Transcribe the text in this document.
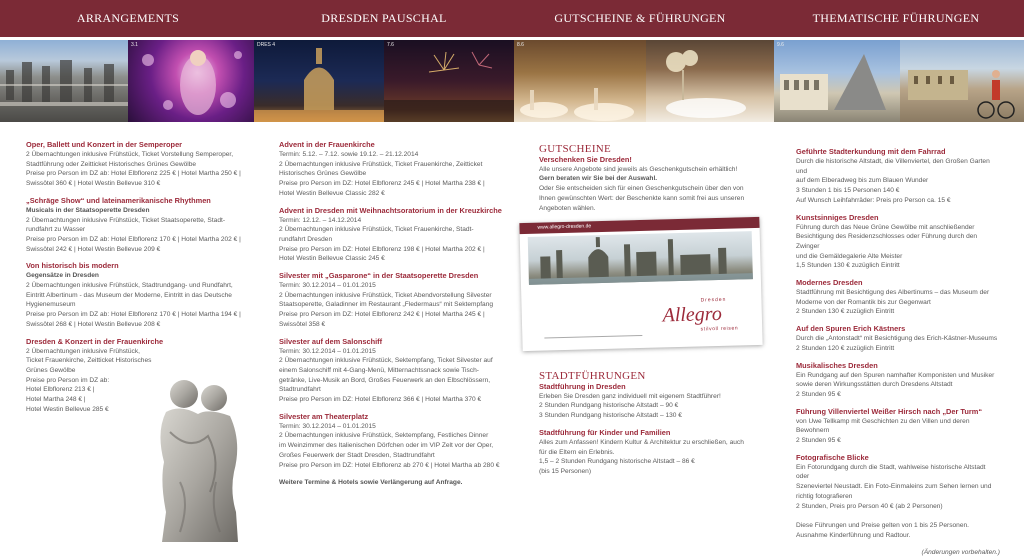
ARRANGEMENTS	DRESDEN PAUSCHAL	GUTSCHEINE & FÜHRUNGEN	THEMATISCHE FÜHRUNGEN
3.1	DRES 4	7.6	8.6	9.6

Oper, Ballett und Konzert in der Semperoper

2 Übernachtungen inklusive Frühstück, Ticket Vorstellung Semperoper,

Stadtführung oder Zeitticket Historisches Grünes Gewölbe

Preise pro Person im DZ ab: Hotel Elbflorenz 225 € | Hotel Martha 250 € |

Swissôtel 360 € | Hotel Westin Bellevue 310 €

„Schräge Show“ und lateinamerikanische Rhythmen

Musicals in der Staatsoperette Dresden

2 Übernachtungen inklusive Frühstück, Ticket Staatsoperette, Stadt-

rundfahrt zu Wasser

Preise pro Person im DZ ab: Hotel Elbflorenz 170 € | Hotel Martha 202 € |

Swissôtel 242 € | Hotel Westin Bellevue 209 €

Von historisch bis modern

Gegensätze in Dresden

2 Übernachtungen inklusive Frühstück, Stadtrundgang- und Rundfahrt,

Eintritt Albertinum - das Museum der Moderne, Eintritt in das Deutsche

Hygienemuseum

Preise pro Person im DZ ab: Hotel Elbflorenz 170 € | Hotel Martha 194 € |

Swissôtel 268 € | Hotel Westin Bellevue 208 €

Dresden & Konzert in der Frauenkirche

2 Übernachtungen inklusive Frühstück,

Ticket Frauenkirche, Zeitticket Historisches

Grünes Gewölbe

Preise pro Person im DZ ab:

Hotel Elbflorenz 213 € |

Hotel Martha 248 € |

Hotel Westin Bellevue 285 €

Advent in der Frauenkirche

Termin: 5.12. – 7.12. sowie 19.12. – 21.12.2014

2 Übernachtungen inklusive Frühstück, Ticket Frauenkirche, Zeitticket

Historisches Grünes Gewölbe

Preise pro Person im DZ: Hotel Elbflorenz 245 € | Hotel Martha 238 € |

Hotel Westin Bellevue Classic 282 €

Advent in Dresden mit Weihnachtsoratorium in der Kreuzkirche

Termin: 12.12. – 14.12.2014

2 Übernachtungen inklusive Frühstück, Ticket Frauenkirche, Stadt-

rundfahrt Dresden

Preise pro Person im DZ: Hotel Elbflorenz 198 € | Hotel Martha 202 € |

Hotel Westin Bellevue Classic 245 €

Silvester mit „Gasparone“ in der Staatsoperette Dresden

Termin: 30.12.2014 – 01.01.2015

2 Übernachtungen inklusive Frühstück, Ticket Abendvorstellung Silvester

Staatsoperette, Galadinner im Restaurant „Fledermaus“ mit Sektempfang

Preise pro Person im DZ: Hotel Elbflorenz 242 € | Hotel Martha 245 € |

Swissôtel 358 €

Silvester auf dem Salonschiff

Termin: 30.12.2014 – 01.01.2015

2 Übernachtungen inklusive Frühstück, Sektempfang, Ticket Silvester auf

einem Salonschiff mit 4-Gang-Menü, Mitternachtssnack sowie Tisch-

getränke, Live-Musik an Bord, Großes Feuerwerk an den Elbschlössern,

Stadtrundfahrt

Preise pro Person im DZ: Hotel Elbflorenz 366 € | Hotel Martha 370 €

Silvester am Theaterplatz

Termin: 30.12.2014 – 01.01.2015

2 Übernachtungen inklusive Frühstück, Sektempfang, Festliches Dinner

im Weinzimmer des Italienischen Dörfchen oder im VIP Zelt vor der Oper,

Großes Feuerwerk der Stadt Dresden, Stadtrundfahrt

Preise pro Person im DZ: Hotel Elbflorenz ab 270 € | Hotel Martha ab 280 €

Weitere Termine & Hotels sowie Verlängerung auf Anfrage.

GUTSCHEINE

Verschenken Sie Dresden!

Alle unsere Angebote sind jeweils als Geschenkgutschein erhältlich!

Gern beraten wir Sie bei der Auswahl.

Oder Sie entscheiden sich für einen Geschenkgutschein über den von

Ihnen gewünschten Wert: der Beschenkte kann somit frei aus unseren

Angeboten wählen.

www.allegro-dresden.de
Dresden
Allegro
stilvoll reisen

STADTFÜHRUNGEN

Stadtführung in Dresden

Erleben Sie Dresden ganz individuell mit eigenem Stadtführer!

2 Stunden Rundgang historische Altstadt – 90 €

3 Stunden Rundgang historische Altstadt – 130 €

Stadtführung für Kinder und Familien

Alles zum Anfassen! Kindern Kultur & Architektur zu erschließen, auch

für die Eltern ein Erlebnis.

1,5 – 2 Stunden Rundgang historische Altstadt – 86 €

(bis 15 Personen)

Geführte Stadterkundung mit dem Fahrrad

Durch die historische Altstadt, die Villenviertel, den Großen Garten und

auf dem Elberadweg bis zum Blauen Wunder

3 Stunden 1 bis 15 Personen 140 €

Auf Wunsch Leihfahrräder: Preis pro Person ca. 15 €

Kunstsinniges Dresden

Führung durch das Neue Grüne Gewölbe mit anschließender

Besichtigung des Residenzschlosses oder Führung durch den Zwinger

und die Gemäldegalerie Alte Meister

1,5 Stunden 130 € zuzüglich Eintritt

Modernes Dresden

Stadtführung mit Besichtigung des Albertinums – das Museum der

Moderne von der Romantik bis zur Gegenwart

2 Stunden 130 € zuzüglich Eintritt

Auf den Spuren Erich Kästners

Durch die „Antonstadt“ mit Besichtigung des Erich-Kästner-Museums

2 Stunden 120 € zuzüglich Eintritt

Musikalisches Dresden

Ein Rundgang auf den Spuren namhafter Komponisten und Musiker

sowie deren Wirkungsstätten durch Dresdens Altstadt

2 Stunden 95 €

Führung Villenviertel Weißer Hirsch nach „Der Turm“

von Uwe Tellkamp mit Geschichten zu den Villen und deren Bewohnern

2 Stunden 95 €

Fotografische Blicke

Ein Fotorundgang durch die Stadt, wahlweise historische Altstadt oder

Szeneviertel Neustadt. Ein Foto-Einmaleins zum Sehen lernen und

richtig fotografieren

2 Stunden, Preis pro Person 40 € (ab 2 Personen)

Diese Führungen und Preise gelten von 1 bis 25 Personen.

Ausnahme Kinderführung und Radtour.

(Änderungen vorbehalten.)
